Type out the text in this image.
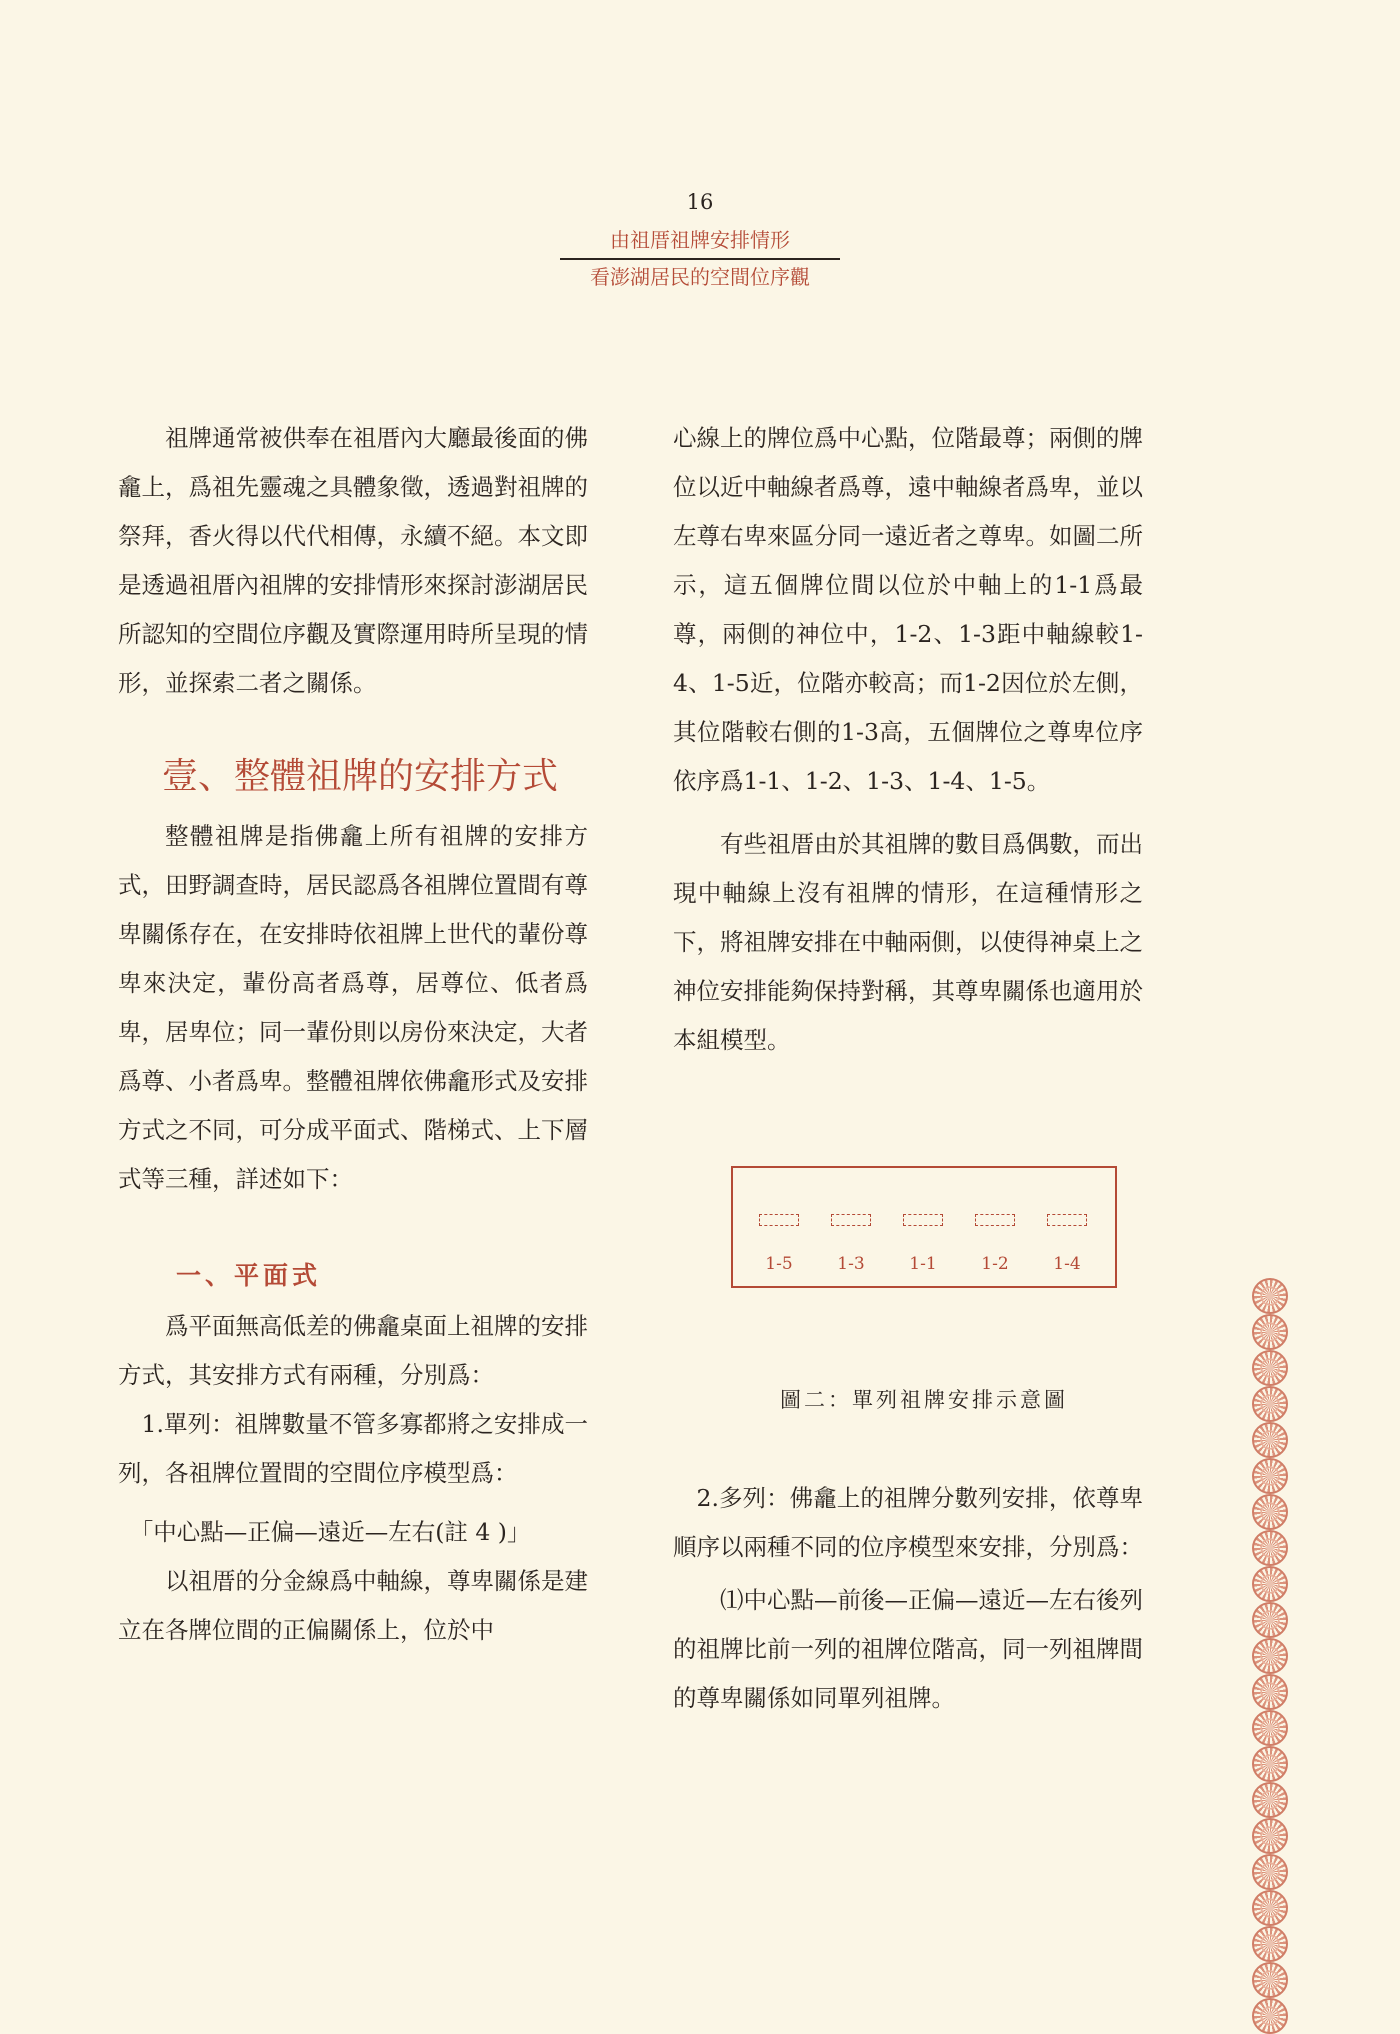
16
由祖厝祖牌安排情形
看澎湖居民的空間位序觀

祖牌通常被供奉在祖厝內大廳最後面的佛龕上，爲祖先靈魂之具體象徵，透過對祖牌的祭拜，香火得以代代相傳，永續不絕。本文即是透過祖厝內祖牌的安排情形來探討澎湖居民所認知的空間位序觀及實際運用時所呈現的情形，並探索二者之關係。

壹、整體祖牌的安排方式

整體祖牌是指佛龕上所有祖牌的安排方式，田野調查時，居民認爲各祖牌位置間有尊卑關係存在，在安排時依祖牌上世代的輩份尊卑來決定，輩份高者爲尊，居尊位、低者爲卑，居卑位；同一輩份則以房份來決定，大者爲尊、小者爲卑。整體祖牌依佛龕形式及安排方式之不同，可分成平面式、階梯式、上下層式等三種，詳述如下：

一、平面式

爲平面無高低差的佛龕桌面上祖牌的安排方式，其安排方式有兩種，分別爲：

1.單列：祖牌數量不管多寡都將之安排成一列，各祖牌位置間的空間位序模型爲：

「中心點—正偏—遠近—左右(註 4 )」

以祖厝的分金線爲中軸線，尊卑關係是建立在各牌位間的正偏關係上，位於中

心線上的牌位爲中心點，位階最尊；兩側的牌位以近中軸線者爲尊，遠中軸線者爲卑，並以左尊右卑來區分同一遠近者之尊卑。如圖二所示，這五個牌位間以位於中軸上的1-1爲最尊，兩側的神位中，1-2、1-3距中軸線較1-4、1-5近，位階亦較高；而1-2因位於左側，其位階較右側的1-3高，五個牌位之尊卑位序依序爲1-1、1-2、1-3、1-4、1-5。

有些祖厝由於其祖牌的數目爲偶數，而出現中軸線上沒有祖牌的情形，在這種情形之下，將祖牌安排在中軸兩側，以使得神桌上之神位安排能夠保持對稱，其尊卑關係也適用於本組模型。

1-5	1-3	1-1	1-2	1-4
圖二：單列祖牌安排示意圖

2.多列：佛龕上的祖牌分數列安排，依尊卑順序以兩種不同的位序模型來安排，分別爲：

⑴中心點—前後—正偏—遠近—左右後列的祖牌比前一列的祖牌位階高，同一列祖牌間的尊卑關係如同單列祖牌。
